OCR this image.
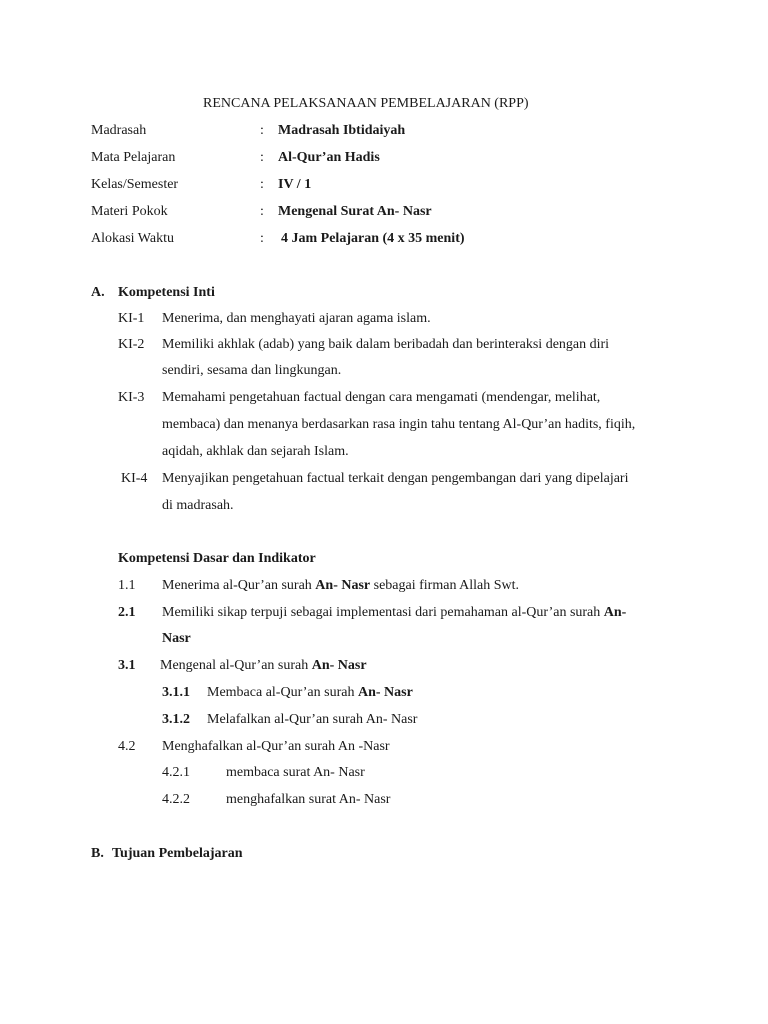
RENCANA PELAKSANAAN PEMBELAJARAN (RPP)
Madrasah	: Madrasah Ibtidaiyah
Mata Pelajaran	: Al-Qur’an Hadis
Kelas/Semester	: IV / 1
Materi Pokok	: Mengenal Surat An- Nasr
Alokasi Waktu	: 4 Jam Pelajaran (4 x 35 menit)
A. Kompetensi Inti
KI-1 Menerima, dan menghayati ajaran agama islam.
KI-2 Memiliki akhlak (adab) yang baik dalam beribadah dan berinteraksi dengan diri
sendiri, sesama dan lingkungan.
KI-3 Memahami pengetahuan factual dengan cara mengamati (mendengar, melihat,
membaca) dan menanya berdasarkan rasa ingin tahu tentang Al-Qur’an hadits, fiqih,
aqidah, akhlak dan sejarah Islam.
KI-4 Menyajikan pengetahuan factual terkait dengan pengembangan dari yang dipelajari
di madrasah.
Kompetensi Dasar dan Indikator
1.1 Menerima al-Qur’an surah An- Nasr sebagai firman Allah Swt.
2.1 Memiliki sikap terpuji sebagai implementasi dari pemahaman al-Qur’an surah An-
Nasr
3.1 Mengenal al-Qur’an surah An- Nasr
3.1.1 Membaca al-Qur’an surah An- Nasr
3.1.2 Melafalkan al-Qur’an surah An- Nasr
4.2 Menghafalkan al-Qur’an surah An -Nasr
4.2.1	membaca surat An- Nasr
4.2.2	menghafalkan surat An- Nasr
B. Tujuan Pembelajaran
